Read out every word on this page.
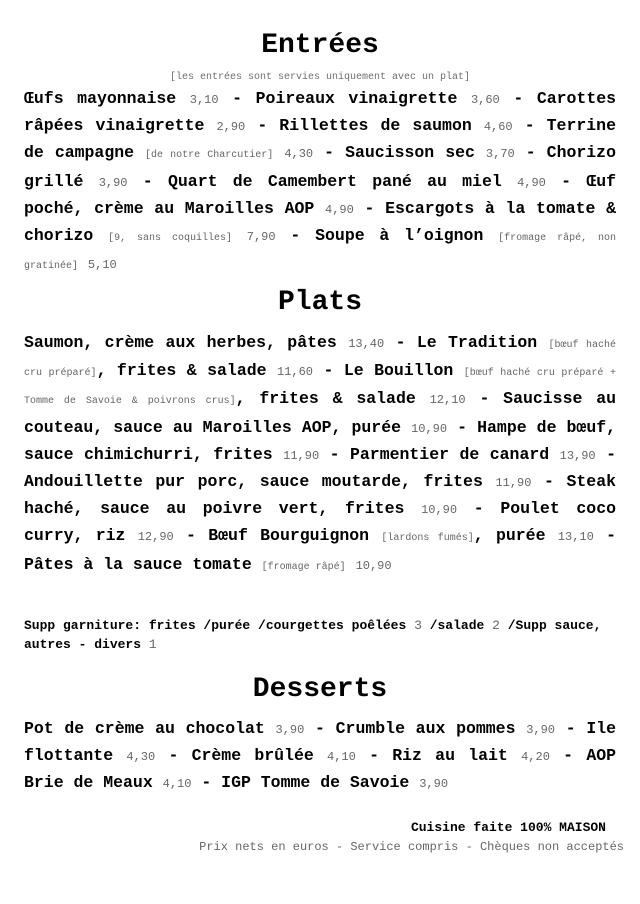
Entrées
[les entrées sont servies uniquement avec un plat]
Œufs mayonnaise 3,10 - Poireaux vinaigrette 3,60 - Carottes râpées vinaigrette 2,90 - Rillettes de saumon 4,60 - Terrine de campagne [de notre Charcutier] 4,30 - Saucisson sec 3,70 - Chorizo grillé 3,90 - Quart de Camembert pané au miel 4,90 - Œuf poché, crème au Maroilles AOP 4,90 - Escargots à la tomate & chorizo [9, sans coquilles] 7,90 - Soupe à l’oignon [fromage râpé, non gratinée] 5,10
Plats
Saumon, crème aux herbes, pâtes 13,40 - Le Tradition [bœuf haché cru préparé], frites & salade 11,60 - Le Bouillon [bœuf haché cru préparé + Tomme de Savoie & poivrons crus], frites & salade 12,10 - Saucisse au couteau, sauce au Maroilles AOP, purée 10,90 - Hampe de bœuf, sauce chimichurri, frites 11,90 - Parmentier de canard 13,90 - Andouillette pur porc, sauce moutarde, frites 11,90 - Steak haché, sauce au poivre vert, frites 10,90 - Poulet coco curry, riz 12,90 - Bœuf Bourguignon [lardons fumés], purée 13,10 - Pâtes à la sauce tomate [fromage râpé] 10,90
Supp garniture: frites /purée /courgettes poêlées 3 /salade 2 /Supp sauce, autres - divers 1
Desserts
Pot de crème au chocolat 3,90 - Crumble aux pommes 3,90 - Ile flottante 4,30 - Crème brûlée 4,10 - Riz au lait 4,20 - AOP Brie de Meaux 4,10 - IGP Tomme de Savoie 3,90
Cuisine faite 100% MAISON
Prix nets en euros - Service compris - Chèques non acceptés
